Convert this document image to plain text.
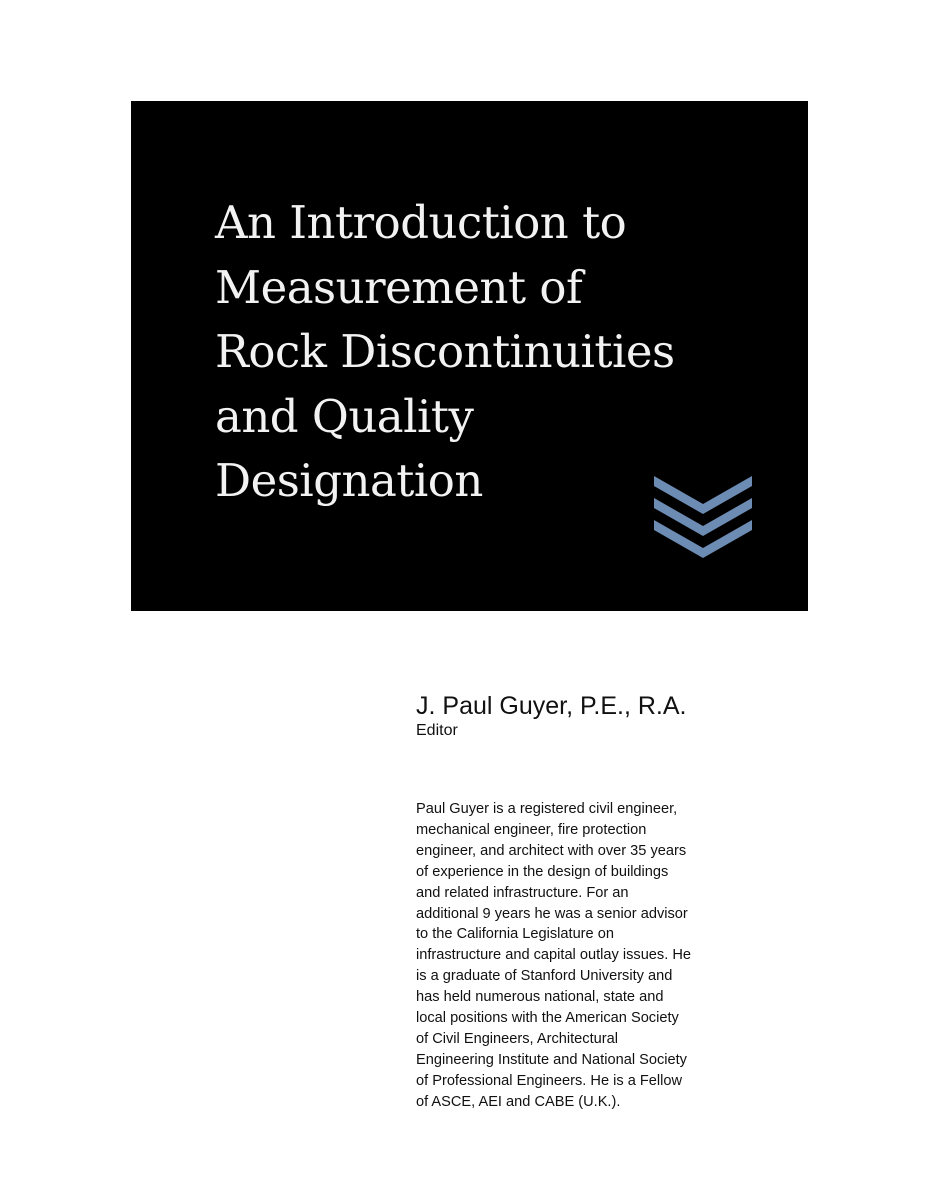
An Introduction to
Measurement of
Rock Discontinuities
and Quality
Designation
J. Paul Guyer, P.E., R.A.
Editor
Paul Guyer is a registered civil engineer,
mechanical engineer, fire protection
engineer, and architect with over 35 years
of experience in the design of buildings
and related infrastructure. For an
additional 9 years he was a senior advisor
to the California Legislature on
infrastructure and capital outlay issues. He
is a graduate of Stanford University and
has held numerous national, state and
local positions with the American Society
of Civil Engineers, Architectural
Engineering Institute and National Society
of Professional Engineers. He is a Fellow
of ASCE, AEI and CABE (U.K.).
